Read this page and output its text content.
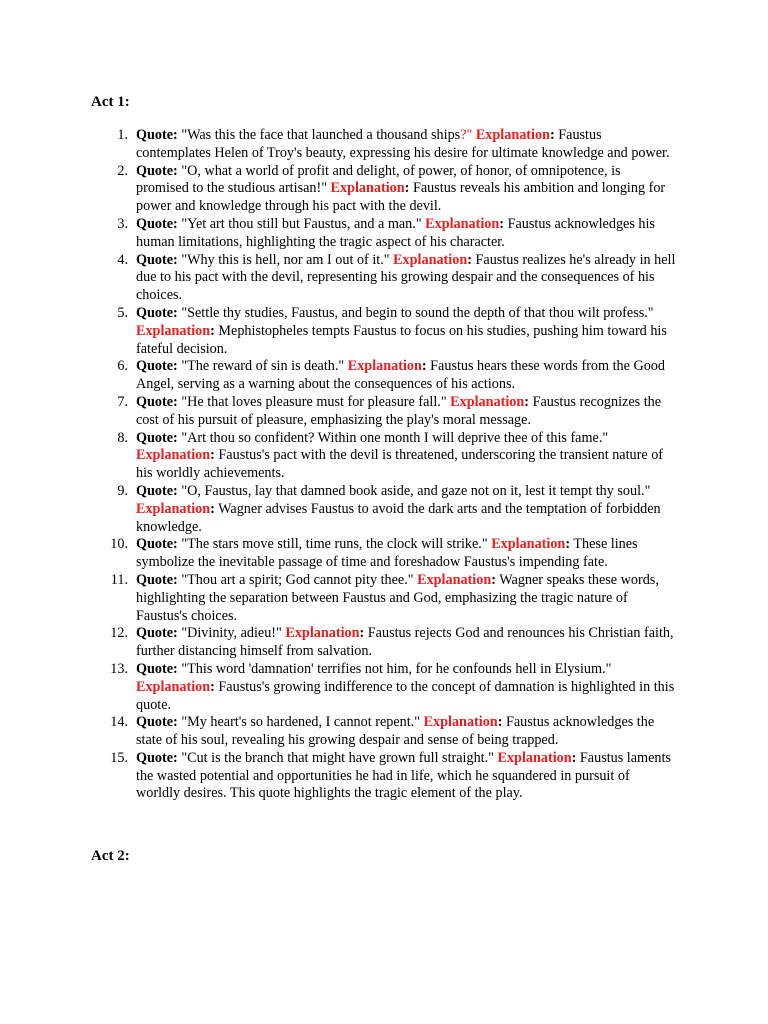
Act 1:
1. Quote: "Was this the face that launched a thousand ships?" Explanation: Faustus contemplates Helen of Troy's beauty, expressing his desire for ultimate knowledge and power.
2. Quote: "O, what a world of profit and delight, of power, of honor, of omnipotence, is promised to the studious artisan!" Explanation: Faustus reveals his ambition and longing for power and knowledge through his pact with the devil.
3. Quote: "Yet art thou still but Faustus, and a man." Explanation: Faustus acknowledges his human limitations, highlighting the tragic aspect of his character.
4. Quote: "Why this is hell, nor am I out of it." Explanation: Faustus realizes he's already in hell due to his pact with the devil, representing his growing despair and the consequences of his choices.
5. Quote: "Settle thy studies, Faustus, and begin to sound the depth of that thou wilt profess." Explanation: Mephistopheles tempts Faustus to focus on his studies, pushing him toward his fateful decision.
6. Quote: "The reward of sin is death." Explanation: Faustus hears these words from the Good Angel, serving as a warning about the consequences of his actions.
7. Quote: "He that loves pleasure must for pleasure fall." Explanation: Faustus recognizes the cost of his pursuit of pleasure, emphasizing the play's moral message.
8. Quote: "Art thou so confident? Within one month I will deprive thee of this fame." Explanation: Faustus's pact with the devil is threatened, underscoring the transient nature of his worldly achievements.
9. Quote: "O, Faustus, lay that damned book aside, and gaze not on it, lest it tempt thy soul." Explanation: Wagner advises Faustus to avoid the dark arts and the temptation of forbidden knowledge.
10. Quote: "The stars move still, time runs, the clock will strike." Explanation: These lines symbolize the inevitable passage of time and foreshadow Faustus's impending fate.
11. Quote: "Thou art a spirit; God cannot pity thee." Explanation: Wagner speaks these words, highlighting the separation between Faustus and God, emphasizing the tragic nature of Faustus's choices.
12. Quote: "Divinity, adieu!" Explanation: Faustus rejects God and renounces his Christian faith, further distancing himself from salvation.
13. Quote: "This word 'damnation' terrifies not him, for he confounds hell in Elysium." Explanation: Faustus's growing indifference to the concept of damnation is highlighted in this quote.
14. Quote: "My heart's so hardened, I cannot repent." Explanation: Faustus acknowledges the state of his soul, revealing his growing despair and sense of being trapped.
15. Quote: "Cut is the branch that might have grown full straight." Explanation: Faustus laments the wasted potential and opportunities he had in life, which he squandered in pursuit of worldly desires. This quote highlights the tragic element of the play.
Act 2:
